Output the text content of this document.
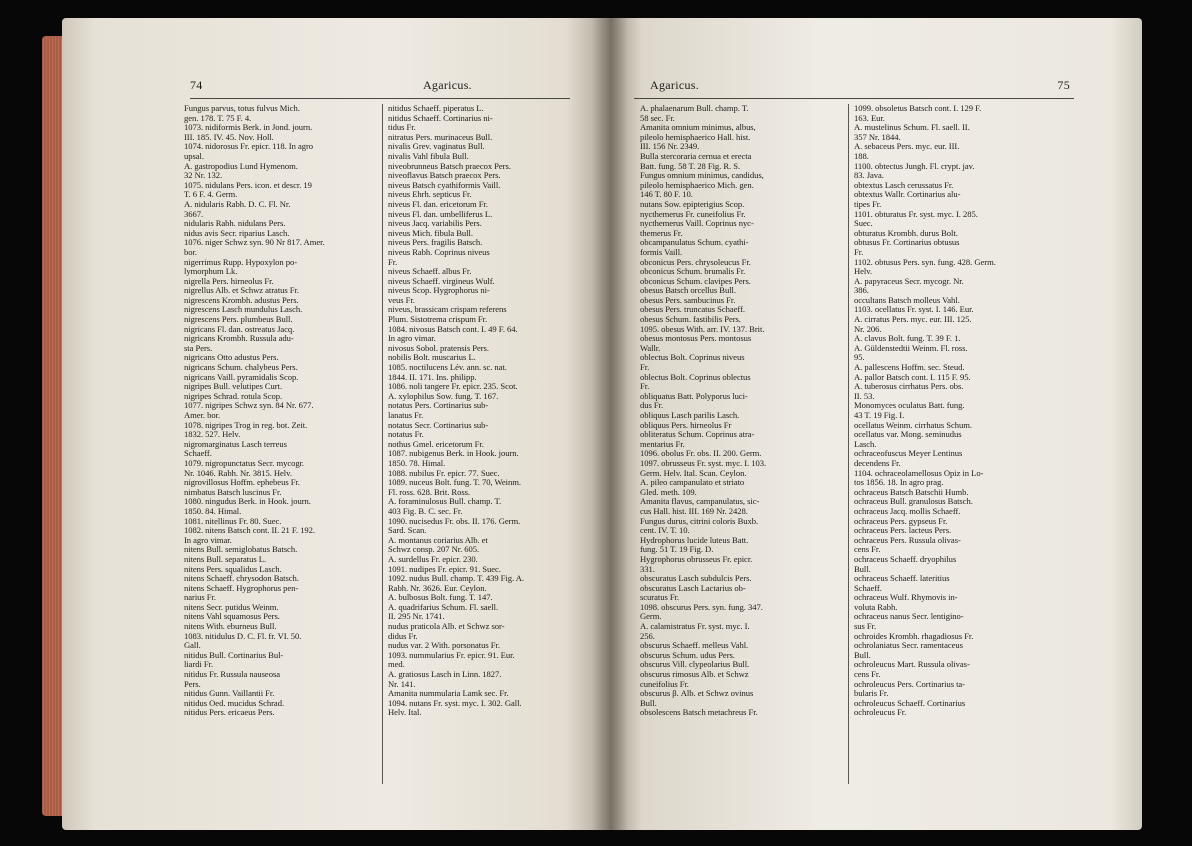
74	Agaricus.
Fungus parvus, totus fulvus Mich.
gen. 178. T. 75 F. 4.
1073. nidiformis Berk. in Jond. journ.
III. 185. IV. 45. Nov. Holl.
1074. nidorosus Fr. epicr. 118. In agro
upsal.
A. gastropodius Lund Hymenom.
32 Nr. 132.
1075. nidulans Pers. icon. et descr. 19
T. 6 F. 4. Germ.
A. nidularis Rabh. D. C. Fl. Nr.
3667.
nidularis Rabh. nidulans Pers.
nidus avis Secr. riparius Lasch.
1076. niger Schwz syn. 90 Nr 817. Amer.
bor.
nigerrimus Rupp. Hypoxylon po-
lymorphum Lk.
nigrella Pers. hirneolus Fr.
nigrellus Alb. et Schwz atratus Fr.
nigrescens Krombh. adustus Pers.
nigrescens Lasch mundulus Lasch.
nigrescens Pers. plumbeus Bull.
nigricans Fl. dan. ostreatus Jacq.
nigricans Krombh. Russula adu-
sta Pers.
nigricans Otto adustus Pers.
nigricans Schum. chalybeus Pers.
nigricans Vaill. pyramidalis Scop.
nigripes Bull. velutipes Curt.
nigripes Schrad. rotula Scop.
1077. nigripes Schwz syn. 84 Nr. 677.
Amer. bor.
1078. nigripes Trog in reg. bot. Zeit.
1832. 527. Helv.
nigromarginatus Lasch terreus
Schaeff.
1079. nigropunctatus Secr. mycogr.
Nr. 1046. Rabh. Nr. 3815. Helv.
nigrovillosus Hoffm. ephebeus Fr.
nimbatus Batsch luscinus Fr.
1080. ningudus Berk. in Hook. journ.
1850. 84. Himal.
1081. nitellinus Fr. 80. Suec.
1082. nitens Batsch cont. II. 21 F. 192.
In agro vimar.
nitens Bull. semiglobatus Batsch.
nitens Bull. separatus L.
nitens Pers. squalidus Lasch.
nitens Schaeff. chrysodon Batsch.
nitens Schaeff. Hygrophorus pen-
narius Fr.
nitens Secr. putidus Weinm.
nitens Vahl squamosus Pers.
nitens With. eburneus Bull.
1083. nitidulus D. C. Fl. fr. VI. 50.
Gall.
nitidus Bull. Cortinarius Bul-
liardi Fr.
nitidus Fr. Russula nauseosa
Pers.
nitidus Gunn. Vaillantii Fr.
nitidus Oed. mucidus Schrad.
nitidus Pers. ericaeus Pers.
nitidus Schaeff. piperatus L.
nitidus Schaeff. Cortinarius ni-
tidus Fr.
nitratus Pers. murinaceus Bull.
nivalis Grev. vaginatus Bull.
nivalis Vahl fibula Bull.
niveobrunneus Batsch praecox Pers.
niveoflavus Batsch praecox Pers.
niveus Batsch cyathiformis Vaill.
niveus Ehrh. septicus Fr.
niveus Fl. dan. ericetorum Fr.
niveus Fl. dan. umbelliferus L.
niveus Jacq. variabilis Pers.
niveus Mich. fibula Bull.
niveus Pers. fragilis Batsch.
niveus Rabh. Coprinus niveus
Fr.
niveus Schaeff. albus Fr.
niveus Schaeff. virgineus Wulf.
niveus Scop. Hygrophorus ni-
veus Fr.
niveus, brassicam crispam referens
Plum. Sistotrema crispum Fr.
1084. nivosus Batsch cont. I. 49 F. 64.
In agro vimar.
nivosus Sobol. pratensis Pers.
nobilis Bolt. muscarius L.
1085. noctilucens Lév. ann. sc. nat.
1844. II. 171. Ins. philipp.
1086. noli tangere Fr. epicr. 235. Scot.
A. xylophilus Sow. fung. T. 167.
notatus Pers. Cortinarius sub-
lanatus Fr.
notatus Secr. Cortinarius sub-
notatus Fr.
nothus Gmel. ericetorum Fr.
1087. nubigenus Berk. in Hook. journ.
1850. 78. Himal.
1088. nubilus Fr. epicr. 77. Suec.
1089. nuceus Bolt. fung. T. 70, Weinm.
Fl. ross. 628. Brit. Ross.
A. foraminulosus Bull. champ. T.
403 Fig. B. C. sec. Fr.
1090. nucisedus Fr. obs. II. 176. Germ.
Sard. Scan.
A. montanus coriarius Alb. et
Schwz consp. 207 Nr. 605.
A. surdellus Fr. epicr. 230.
1091. nudipes Fr. epicr. 91. Suec.
1092. nudus Bull. champ. T. 439 Fig. A.
Rabh. Nr. 3626. Eur. Ceylon.
A. bulbosus Bolt. fung. T. 147.
A. quadrifarius Schum. Fl. saell.
II. 295 Nr. 1741.
nudus praticola Alb. et Schwz sor-
didus Fr.
nudus var. 2 With. porsonatus Fr.
1093. nummularius Fr. epicr. 91. Eur.
med.
A. gratiosus Lasch in Linn. 1827.
Nr. 141.
Amanita nummularia Lamk sec. Fr.
1094. nutans Fr. syst. myc. I. 302. Gall.
Helv. Ital.
Agaricus.	75
A. phalaenarum Bull. champ. T.
58 sec. Fr.
Amanita omnium minimus, albus,
pileolo hemisphaerico Hall. hist.
III. 156 Nr. 2349.
Bulla stercoraria cernua et erecta
Batt. fung. 58 T. 28 Fig. R. S.
Fungus omnium minimus, candidus,
pileolo hemisphaerico Mich. gen.
146 T. 80 F. 10.
nutans Sow. epipterigius Scop.
nycthemerus Fr. cuneifolius Fr.
nycthemerus Vaill. Coprinus nyc-
themerus Fr.
obcampanulatus Schum. cyathi-
formis Vaill.
obconicus Pers. chrysoleucus Fr.
obconicus Schum. brumalis Fr.
obconicus Schum. clavipes Pers.
obesus Batsch orcellus Bull.
obesus Pers. sambucinus Fr.
obesus Pers. truncatus Schaeff.
obesus Schum. fastibilis Pers.
1095. obesus With. arr. IV. 137. Brit.
obesus montosus Pers. montosus
Wallr.
oblectus Bolt. Coprinus niveus
Fr.
oblectus Bolt. Coprinus oblectus
Fr.
obliquatus Batt. Polyporus luci-
dus Fr.
obliquus Lasch parilis Lasch.
obliquus Pers. hirneolus Fr
obliteratus Schum. Coprinus atra-
mentarius Fr.
1096. obolus Fr. obs. II. 200. Germ.
1097. obrusseus Fr. syst. myc. I. 103.
Germ. Helv. Ital. Scan. Ceylon.
A. pileo campanulato et striato
Gled. meth. 109.
Amanita flavus, campanulatus, sic-
cus Hall. hist. III. 169 Nr. 2428.
Fungus durus, citrini coloris Buxb.
cent. IV. T. 10.
Hydrophorus lucide luteus Batt.
fung. 51 T. 19 Fig. D.
Hygrophorus obrusseus Fr. epicr.
331.
obscuratus Lasch subdulcis Pers.
obscuratus Lasch Lactarius ob-
scuratus Fr.
1098. obscurus Pers. syn. fung. 347.
Germ.
A. calamistratus Fr. syst. myc. I.
256.
obscurus Schaeff. melleus Vahl.
obscurus Schum. udus Pers.
obscurus Vill. clypeolarius Bull.
obscurus rimosus Alb. et Schwz
cuneifolius Fr.
obscurus β. Alb. et Schwz ovinus
Bull.
obsolescens Batsch metachreus Fr.
1099. obsoletus Batsch cont. I. 129 F.
163. Eur.
A. mustelinus Schum. Fl. saell. II.
357 Nr. 1844.
A. sebaceus Pers. myc. eur. III.
188.
1100. obtectus Jungh. Fl. crypt. jav.
83. Java.
obtextus Lasch cerussatus Fr.
obtextus Wallr. Cortinarius alu-
tipes Fr.
1101. obturatus Fr. syst. myc. I. 285.
Suec.
obturatus Krombh. durus Bolt.
obtusus Fr. Cortinarius obtusus
Fr.
1102. obtusus Pers. syn. fung. 428. Germ.
Helv.
A. papyraceus Secr. mycogr. Nr.
386.
occultans Batsch molleus Vahl.
1103. ocellatus Fr. syst. I. 146. Eur.
A. cirratus Pers. myc. eur. III. 125.
Nr. 206.
A. clavus Bolt. fung. T. 39 F. 1.
A. Güldenstedtii Weinm. Fl. ross.
95.
A. pallescens Hoffm. sec. Steud.
A. pallor Batsch cont. I. 115 F. 95.
A. tuberosus cirrhatus Pers. obs.
II. 53.
Monomyces oculatus Batt. fung.
43 T. 19 Fig. I.
ocellatus Weinm. cirrhatus Schum.
ocellatus var. Mong. seminudus
Lasch.
ochraceofuscus Meyer Lentinus
decendens Fr.
1104. ochraceolamellosus Opiz in Lo-
tos 1856. 18. In agro prag.
ochraceus Batsch Batschii Humb.
ochraceus Bull. granulosus Batsch.
ochraceus Jacq. mollis Schaeff.
ochraceus Pers. gypseus Fr.
ochraceus Pers. lacteus Pers.
ochraceus Pers. Russula olivas-
cens Fr.
ochraceus Schaeff. dryophilus
Bull.
ochraceus Schaeff. lateritius
Schaeff.
ochraceus Wulf. Rhymovis in-
voluta Rabh.
ochraceus nanus Secr. lentigino-
sus Fr.
ochroides Krombh. rhagadiosus Fr.
ochrolaniatus Secr. ramentaceus
Bull.
ochroleucus Mart. Russula olivas-
cens Fr.
ochroleucus Pers. Cortinarius ta-
bularis Fr.
ochroleucus Schaeff. Cortinarius
ochroleucus Fr.
